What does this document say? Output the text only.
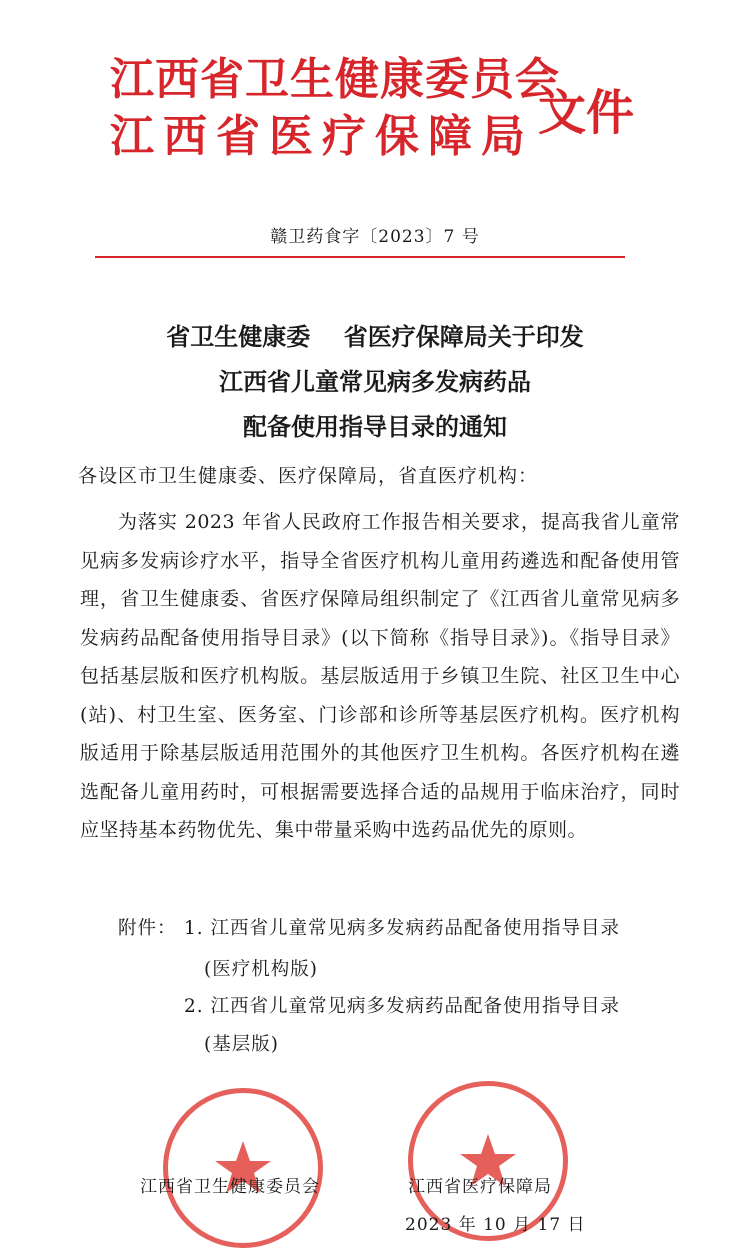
江西省卫生健康委员会
江西省医疗保障局 文件
赣卫药食字〔2023〕7 号
省卫生健康委    省医疗保障局关于印发
江西省儿童常见病多发病药品
配备使用指导目录的通知
各设区市卫生健康委、医疗保障局，省直医疗机构：
为落实 2023 年省人民政府工作报告相关要求，提高我省儿童常见病多发病诊疗水平，指导全省医疗机构儿童用药遴选和配备使用管理，省卫生健康委、省医疗保障局组织制定了《江西省儿童常见病多发病药品配备使用指导目录》(以下简称《指导目录》)。《指导目录》包括基层版和医疗机构版。基层版适用于乡镇卫生院、社区卫生中心(站)、村卫生室、医务室、门诊部和诊所等基层医疗机构。医疗机构版适用于除基层版适用范围外的其他医疗卫生机构。各医疗机构在遴选配备儿童用药时，可根据需要选择合适的品规用于临床治疗，同时应坚持基本药物优先、集中带量采购中选药品优先的原则。
附件： 1. 江西省儿童常见病多发病药品配备使用指导目录
(医疗机构版)
2. 江西省儿童常见病多发病药品配备使用指导目录
(基层版)
江西省卫生健康委员会	江西省医疗保障局
2023 年 10 月 17 日
